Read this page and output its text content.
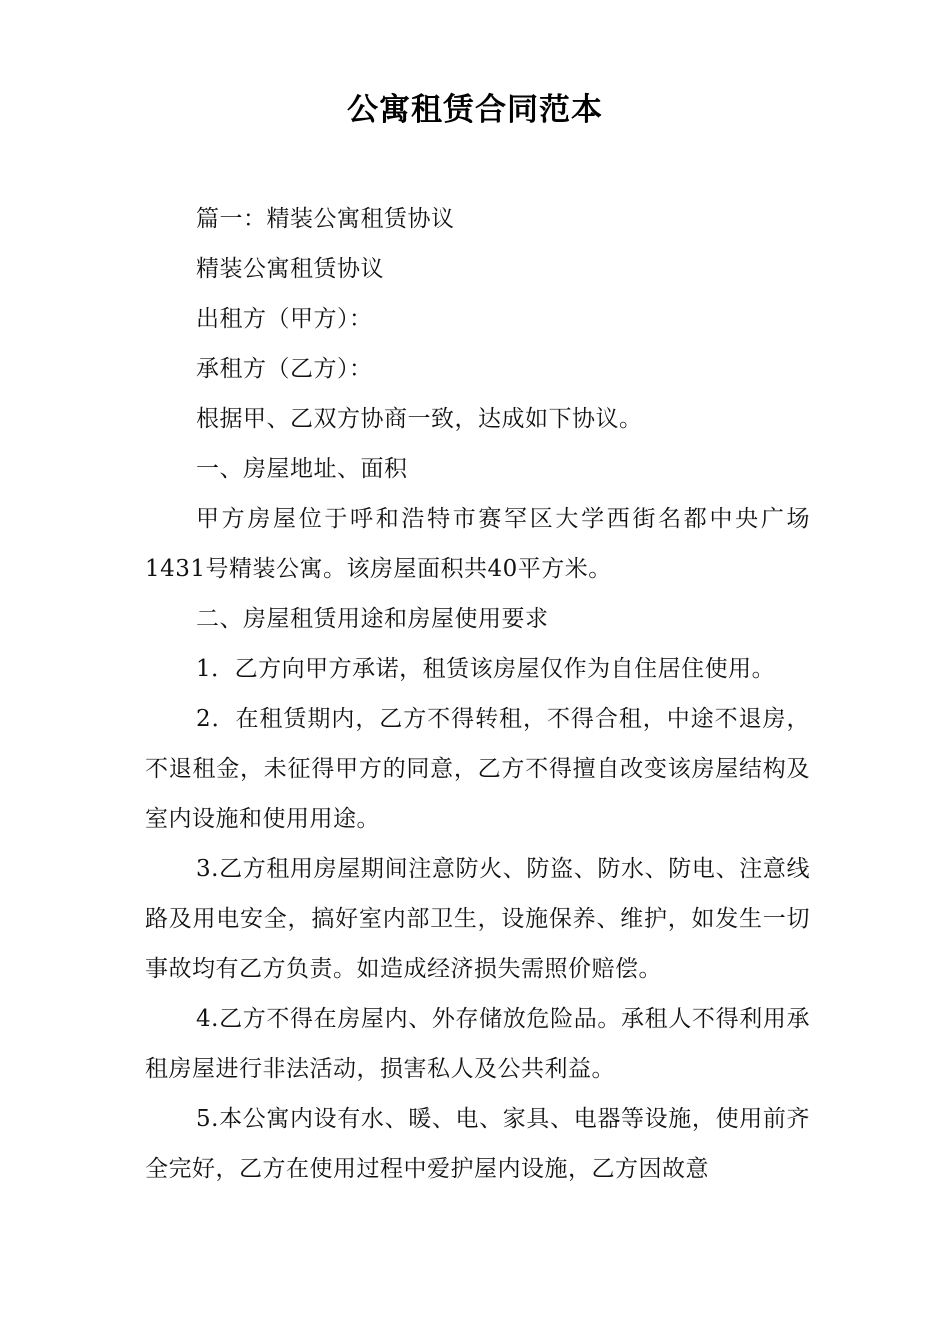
公寓租赁合同范本

篇一：精装公寓租赁协议

精装公寓租赁协议

出租方（甲方）：

承租方（乙方）：

根据甲、乙双方协商一致，达成如下协议。

一、房屋地址、面积

甲方房屋位于呼和浩特市赛罕区大学西街名都中央广场1431号精装公寓。该房屋面积共40平方米。

二、房屋租赁用途和房屋使用要求

1．乙方向甲方承诺，租赁该房屋仅作为自住居住使用。

2．在租赁期内，乙方不得转租，不得合租，中途不退房，不退租金，未征得甲方的同意，乙方不得擅自改变该房屋结构及室内设施和使用用途。

3.乙方租用房屋期间注意防火、防盗、防水、防电、注意线路及用电安全，搞好室内部卫生，设施保养、维护，如发生一切事故均有乙方负责。如造成经济损失需照价赔偿。

4.乙方不得在房屋内、外存储放危险品。承租人不得利用承租房屋进行非法活动，损害私人及公共利益。

5.本公寓内设有水、暖、电、家具、电器等设施，使用前齐全完好，乙方在使用过程中爱护屋内设施，乙方因故意
